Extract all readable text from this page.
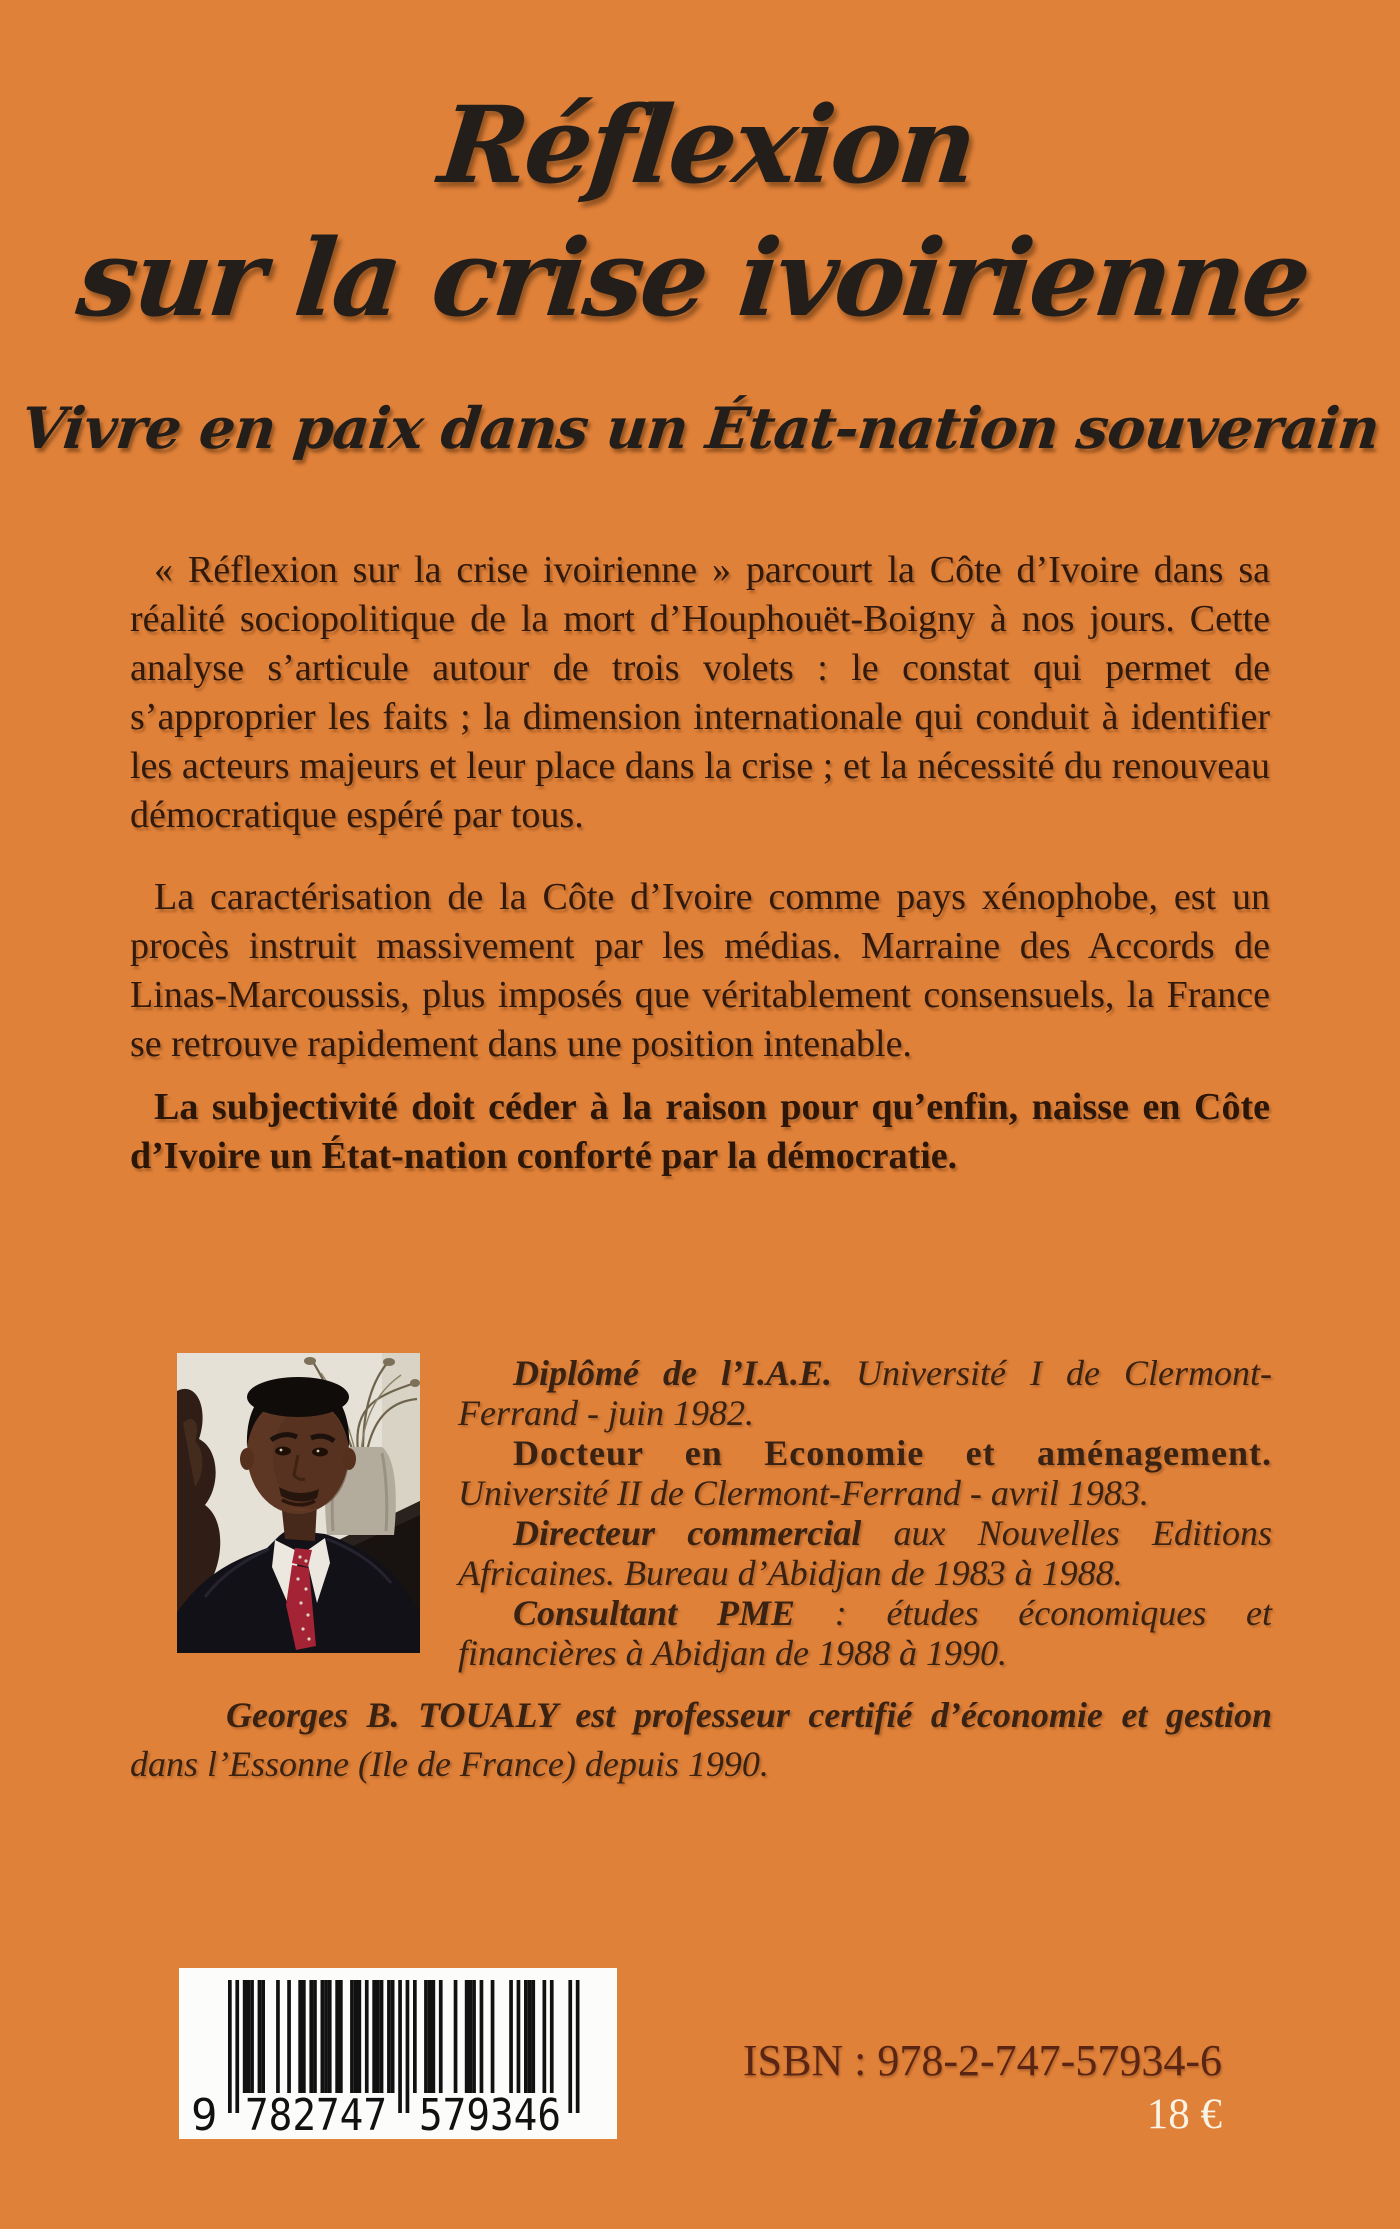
Réflexion
sur la crise ivoirienne
Vivre en paix dans un État-nation souverain

« Réflexion sur la crise ivoirienne » parcourt la Côte d’Ivoire dans sa réalité sociopolitique de la mort d’Houphouët-Boigny à nos jours. Cette analyse s’articule autour de trois volets : le constat qui permet de s’approprier les faits ; la dimension internationale qui conduit à identifier les acteurs majeurs et leur place dans la crise ; et la nécessité du renouveau démocratique espéré par tous.

La caractérisation de la Côte d’Ivoire comme pays xénophobe, est un procès instruit massivement par les médias. Marraine des Accords de Linas-Marcoussis, plus imposés que véritablement consensuels, la France se retrouve rapidement dans une position intenable.

La subjectivité doit céder à la raison pour qu’enfin, naisse en Côte d’Ivoire un État-nation conforté par la démocratie.

Diplômé de l’I.A.E. Université I de Clermont-Ferrand - juin 1982.

Docteur en Economie et aménagement. Université II de Clermont-Ferrand - avril 1983.

Directeur commercial aux Nouvelles Editions Africaines. Bureau d’Abidjan de 1983 à 1988.

Consultant PME : études économiques et financières à Abidjan de 1988 à 1990.

Georges B. TOUALY est professeur certifié d’économie et gestion dans l’Essonne (Ile de France) depuis 1990.

9 782747 579346
ISBN : 978-2-747-57934-6
18 €
